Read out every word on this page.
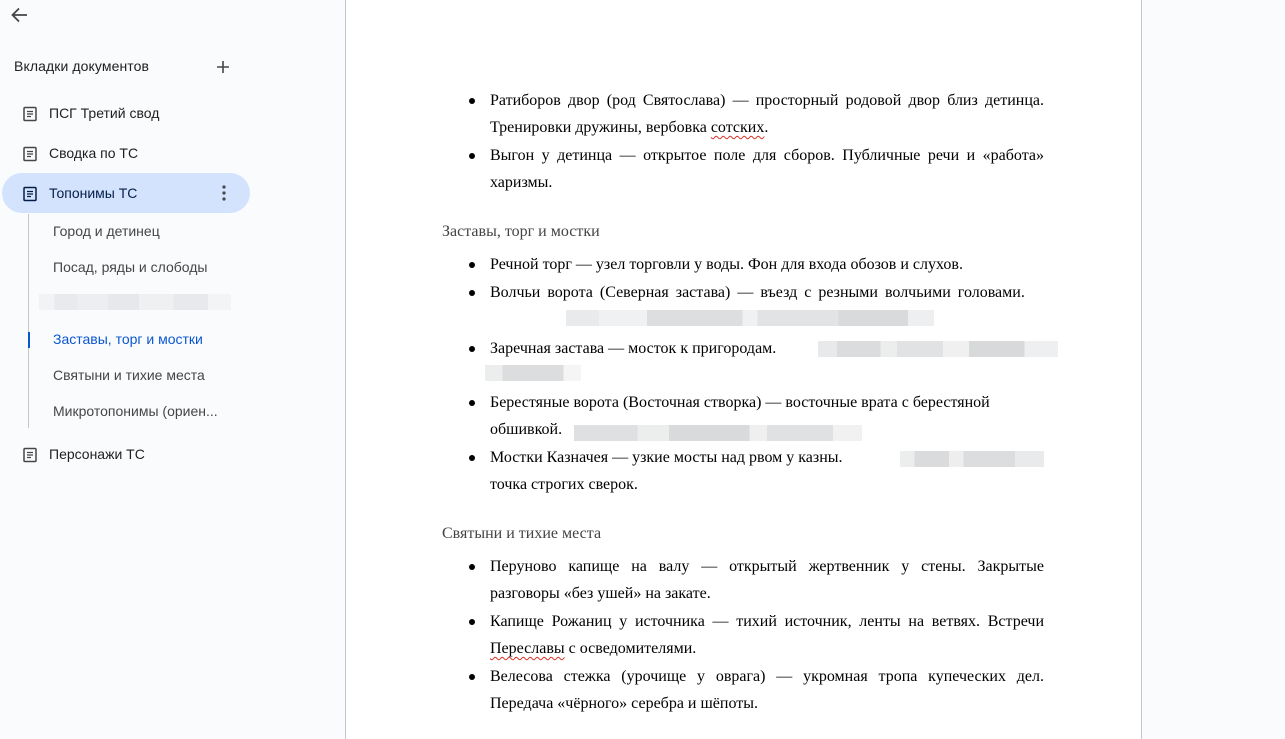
Вкладки документов
ПСГ Третий свод
Сводка по ТС
Топонимы ТС
Город и детинец
Посад, ряды и слободы
Заставы, торг и мостки
Святыни и тихие места
Микротопонимы (ориен...
Персонажи ТС
Ратиборов двор (род Святослава) — просторный родовой двор близ детинца. Тренировки дружины, вербовка сотских.
Выгон у детинца — открытое поле для сборов. Публичные речи и «работа» харизмы.
Заставы, торг и мостки
Речной торг — узел торговли у воды. Фон для входа обозов и слухов.
Волчьи ворота (Северная застава) — въезд с резными волчьими головами.
Заречная застава — мосток к пригородам.
Берестяные ворота (Восточная створка) — восточные врата с берестяной обшивкой.
Мостки Казначея — узкие мосты над рвом у казны.
точка строгих сверок.
Святыни и тихие места
Перуново капище на валу — открытый жертвенник у стены. Закрытые разговоры «без ушей» на закате.
Капище Рожаниц у источника — тихий источник, ленты на ветвях. Встречи Переславы с осведомителями.
Велесова стежка (урочище у оврага) — укромная тропа купеческих дел. Передача «чёрного» серебра и шёпоты.
